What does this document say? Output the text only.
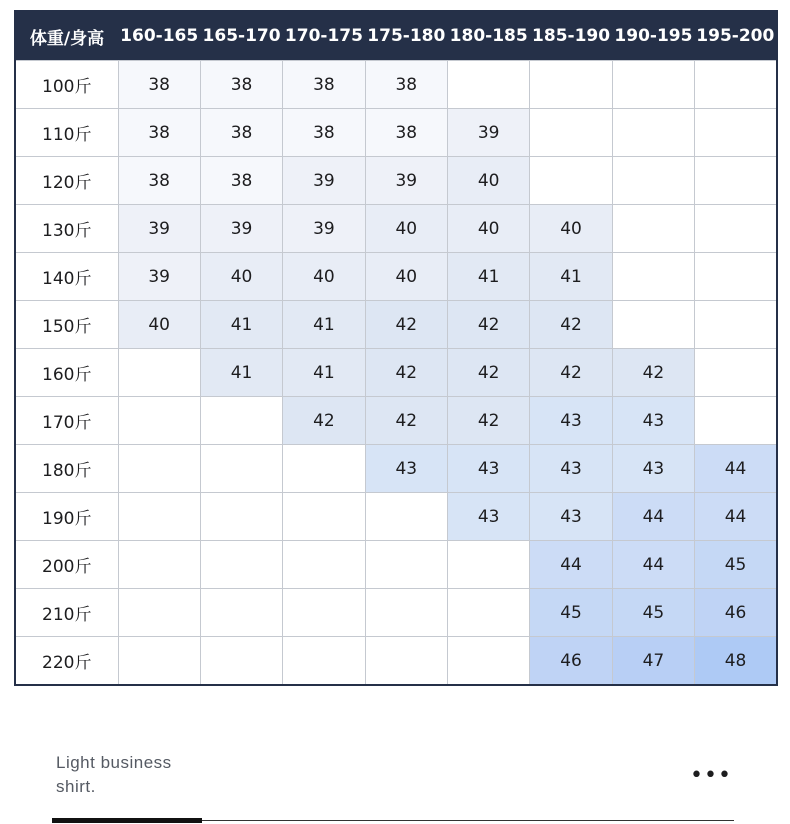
体重/身高	160-165	165-170	170-175	175-180	180-185	185-190	190-195	195-200
100斤	38	38	38	38				
110斤	38	38	38	38	39			
120斤	38	38	39	39	40			
130斤	39	39	39	40	40	40		
140斤	39	40	40	40	41	41		
150斤	40	41	41	42	42	42		
160斤		41	41	42	42	42	42	
170斤			42	42	42	43	43	
180斤				43	43	43	43	44
190斤					43	43	44	44
200斤						44	44	45
210斤						45	45	46
220斤						46	47	48
Light business
shirt.	•••
